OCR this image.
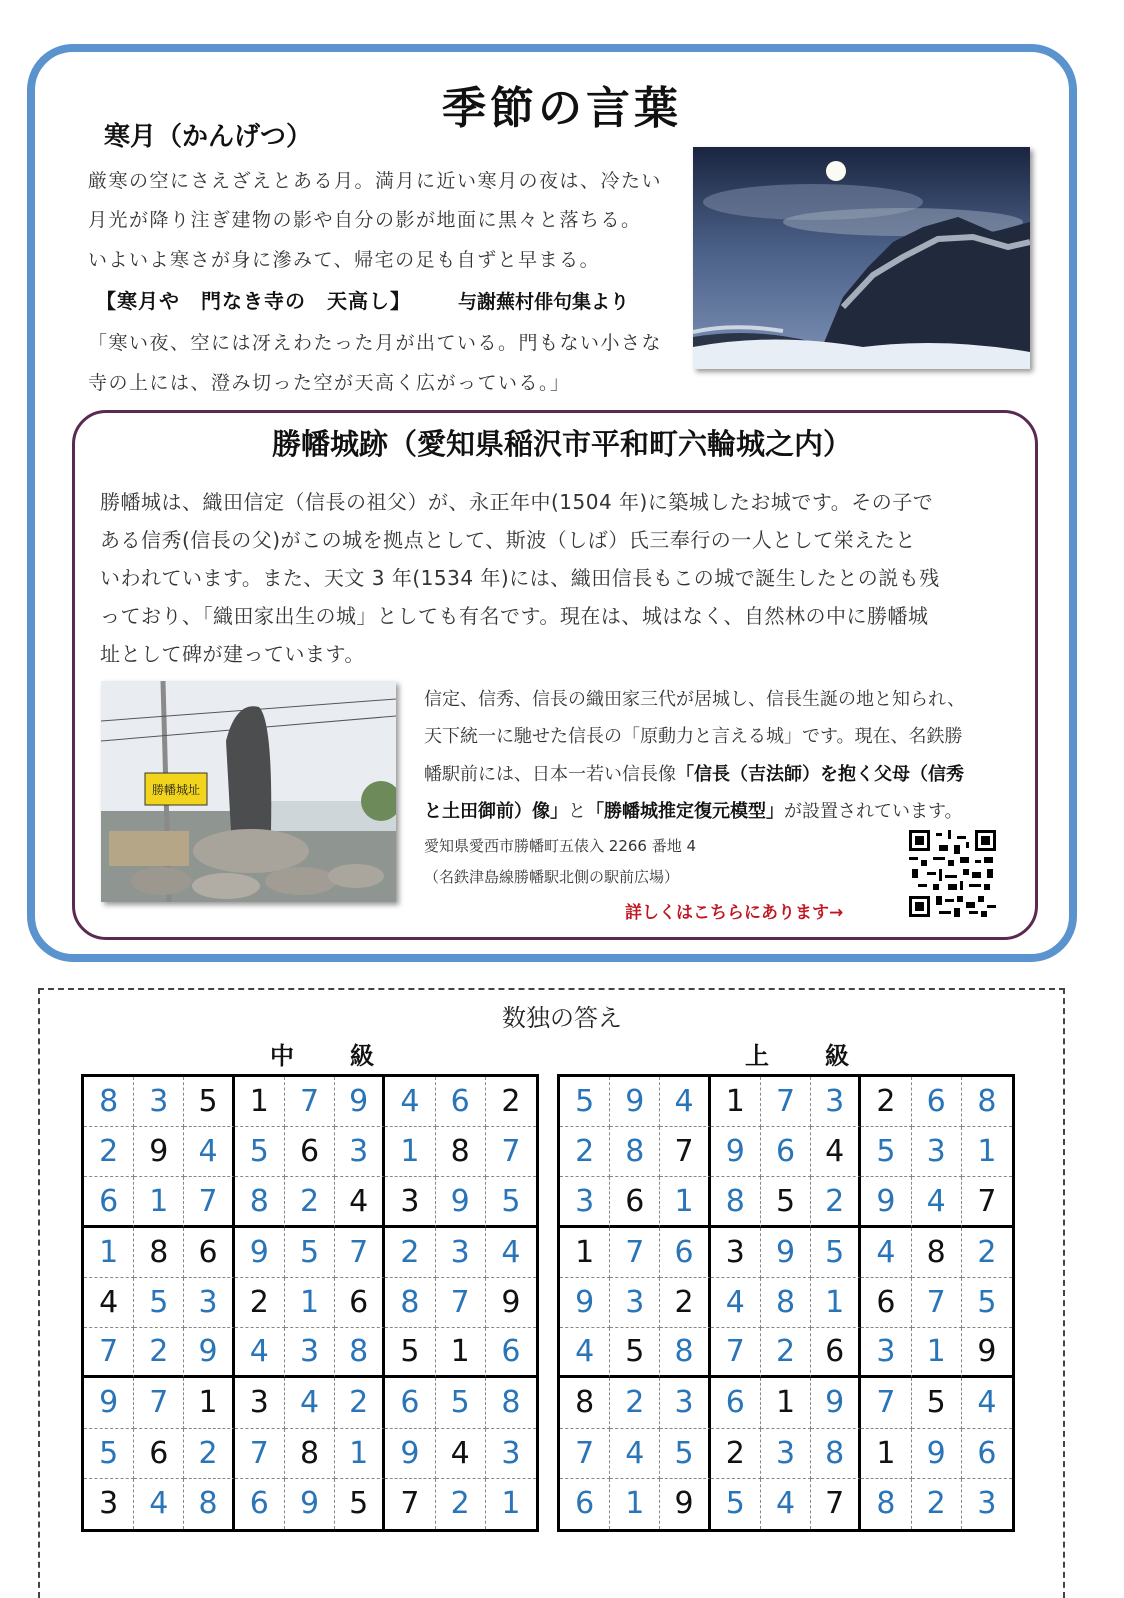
季節の言葉
寒月（かんげつ）
厳寒の空にさえざえとある月。満月に近い寒月の夜は、冷たい
月光が降り注ぎ建物の影や自分の影が地面に黒々と落ちる。
いよいよ寒さが身に滲みて、帰宅の足も自ずと早まる。
【寒月や　門なき寺の　天高し】 与謝蕪村俳句集より
「寒い夜、空には冴えわたった月が出ている。門もない小さな
寺の上には、澄み切った空が天高く広がっている。」
勝幡城跡（愛知県稲沢市平和町六輪城之内）
勝幡城は、織田信定（信長の祖父）が、永正年中(1504 年)に築城したお城です。その子で
ある信秀(信長の父)がこの城を拠点として、斯波（しば）氏三奉行の一人として栄えたと
いわれています。また、天文 3 年(1534 年)には、織田信長もこの城で誕生したとの説も残
っており、「織田家出生の城」としても有名です。現在は、城はなく、自然林の中に勝幡城
址として碑が建っています。
勝幡城址
信定、信秀、信長の織田家三代が居城し、信長生誕の地と知られ、
天下統一に馳せた信長の「原動力と言える城」です。現在、名鉄勝
幡駅前には、日本一若い信長像「信長（吉法師）を抱く父母（信秀
と土田御前）像」と「勝幡城推定復元模型」が設置されています。
愛知県愛西市勝幡町五俵入 2266 番地 4
（名鉄津島線勝幡駅北側の駅前広場）
詳しくはこちらにあります→
数独の答え
中　級	上　級
8	3	5	1	7	9	4	6	2
2	9	4	5	6	3	1	8	7
6	1	7	8	2	4	3	9	5
1	8	6	9	5	7	2	3	4
4	5	3	2	1	6	8	7	9
7	2	9	4	3	8	5	1	6
9	7	1	3	4	2	6	5	8
5	6	2	7	8	1	9	4	3
3	4	8	6	9	5	7	2	1
5	9	4	1	7	3	2	6	8
2	8	7	9	6	4	5	3	1
3	6	1	8	5	2	9	4	7
1	7	6	3	9	5	4	8	2
9	3	2	4	8	1	6	7	5
4	5	8	7	2	6	3	1	9
8	2	3	6	1	9	7	5	4
7	4	5	2	3	8	1	9	6
6	1	9	5	4	7	8	2	3
